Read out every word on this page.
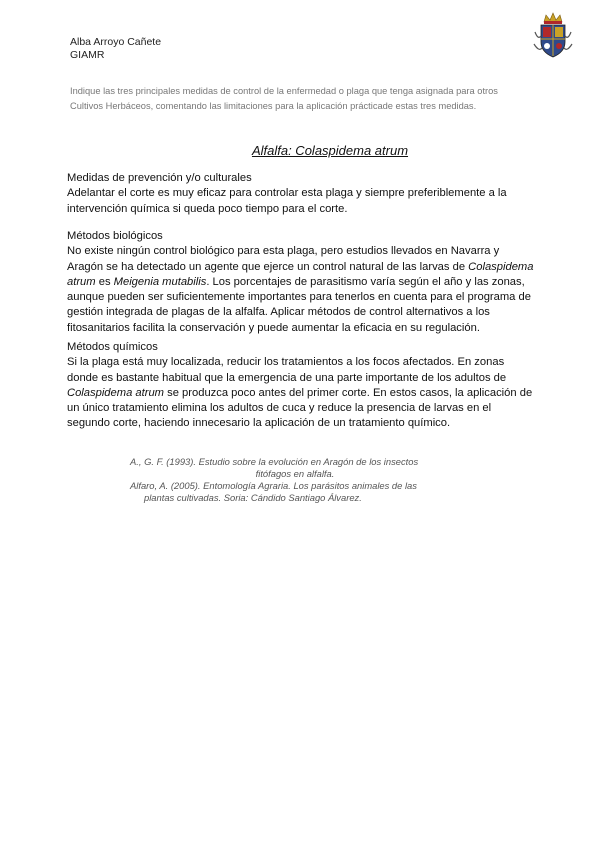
Alba Arroyo Cañete
GIAMR
Indique las tres principales medidas de control de la enfermedad o plaga que tenga asignada para otros Cultivos Herbáceos, comentando las limitaciones para la aplicación prácticade estas tres medidas.
Alfalfa: Colaspidema atrum

Medidas de prevención y/o culturales

Adelantar el corte es muy eficaz para controlar esta plaga y siempre preferiblemente a la intervención química si queda poco tiempo para el corte.

Métodos biológicos

No existe ningún control biológico para esta plaga, pero estudios llevados en Navarra y Aragón se ha detectado un agente que ejerce un control natural de las larvas de Colaspidema atrum es Meigenia mutabilis. Los porcentajes de parasitismo varía según el año y las zonas, aunque pueden ser suficientemente importantes para tenerlos en cuenta para el programa de gestión integrada de plagas de la alfalfa. Aplicar métodos de control alternativos a los fitosanitarios facilita la conservación y puede aumentar la eficacia en su regulación.

Métodos químicos

Si la plaga está muy localizada, reducir los tratamientos a los focos afectados. En zonas donde es bastante habitual que la emergencia de una parte importante de los adultos de Colaspidema atrum se produzca poco antes del primer corte. En estos casos, la aplicación de un único tratamiento elimina los adultos de cuca y reduce la presencia de larvas en el segundo corte, haciendo innecesario la aplicación de un tratamiento químico.

A., G. F. (1993). Estudio sobre la evolución en Aragón de los insectos
fitófagos en alfalfa.
Alfaro, A. (2005). Entomología Agraria. Los parásitos animales de las
plantas cultivadas. Soria: Cándido Santiago Álvarez.
